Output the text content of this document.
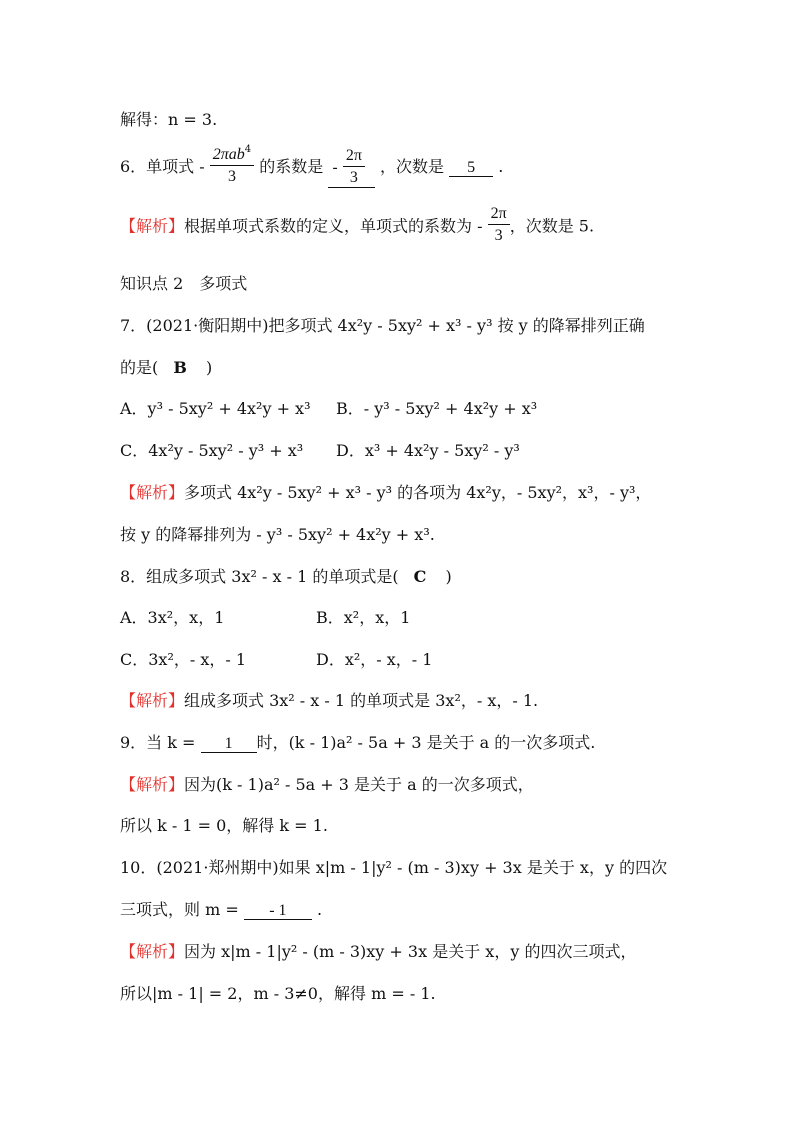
解得：n = 3.
6．单项式 - $\frac{2\pi ab^4}{3}$ 的系数是 - $\frac{2\pi}{3}$ ，次数是 5 .
【解析】根据单项式系数的定义，单项式的系数为 - $\frac{2\pi}{3}$ ，次数是 5.
知识点 2　多项式
7．(2021·衡阳期中)把多项式 4x²y - 5xy² + x³ - y³ 按 y 的降幂排列正确
的是( B )
A．y³ - 5xy² + 4x²y + x³ B．- y³ - 5xy² + 4x²y + x³
C．4x²y - 5xy² - y³ + x³ D．x³ + 4x²y - 5xy² - y³
【解析】多项式 4x²y - 5xy² + x³ - y³ 的各项为 4x²y，- 5xy²，x³，- y³，
按 y 的降幂排列为 - y³ - 5xy² + 4x²y + x³.
8．组成多项式 3x² - x - 1 的单项式是( C )
A．3x²，x，1	B．x²，x，1
C．3x²，- x，- 1	D．x²，- x，- 1
【解析】组成多项式 3x² - x - 1 的单项式是 3x²，- x，- 1.
9．当 k = 1 时，(k - 1)a² - 5a + 3 是关于 a 的一次多项式.
【解析】因为(k - 1)a² - 5a + 3 是关于 a 的一次多项式，
所以 k - 1 = 0，解得 k = 1.
10．(2021·郑州期中)如果 x|m - 1|y² - (m - 3)xy + 3x 是关于 x，y 的四次
三项式，则 m = - 1 .
【解析】因为 x|m - 1|y² - (m - 3)xy + 3x 是关于 x，y 的四次三项式，
所以|m - 1| = 2，m - 3≠0，解得 m = - 1.
